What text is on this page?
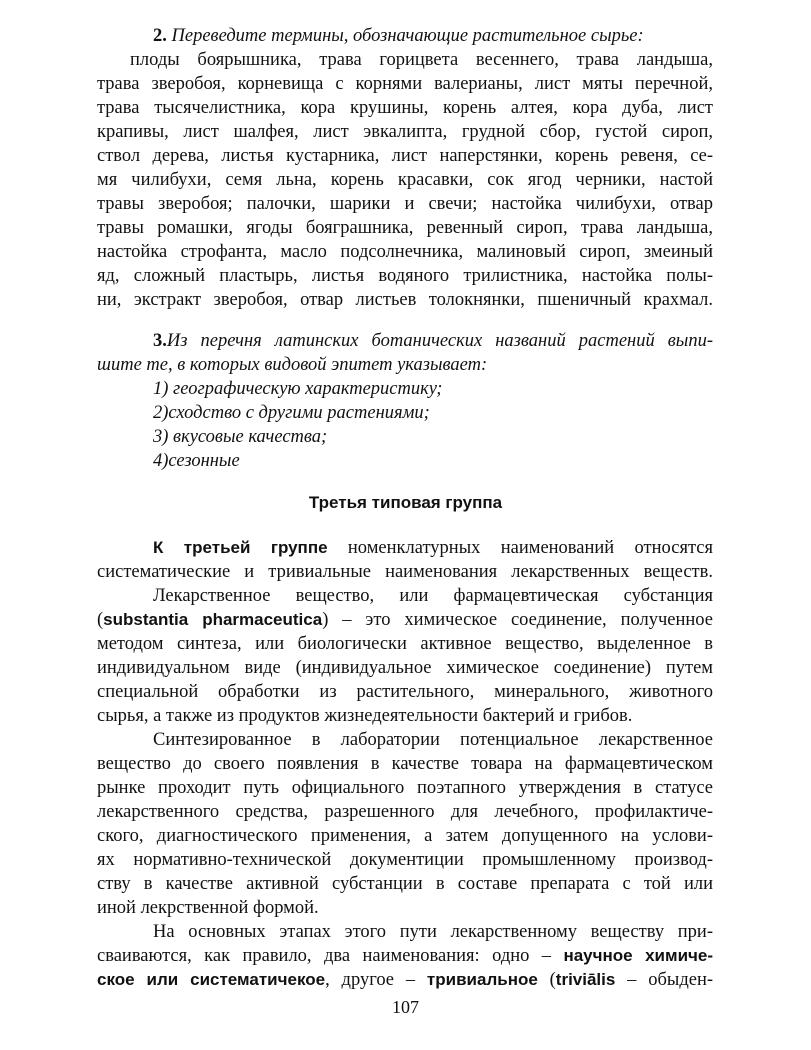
2. Переведите термины, обозначающие растительное сырье:
плоды боярышника, трава горицвета весеннего, трава ландыша,
трава зверобоя, корневища с корнями валерианы, лист мяты перечной,
трава тысячелистника, кора крушины, корень алтея, кора дуба, лист
крапивы, лист шалфея, лист эвкалипта, грудной сбор, густой сироп,
ствол дерева, листья кустарника, лист наперстянки, корень ревеня, се-
мя чилибухи, семя льна, корень красавки, сок ягод черники, настой
травы зверобоя; палочки, шарики и свечи; настойка чилибухи, отвар
травы ромашки, ягоды бояграшника, ревенный сироп, трава ландыша,
настойка строфанта, масло подсолнечника, малиновый сироп, змеиный
яд, сложный пластырь, листья водяного трилистника, настойка полы-
ни, экстракт зверобоя, отвар листьев толокнянки, пшеничный крахмал.
3.Из перечня латинских ботанических названий растений выпи-
шите те, в которых видовой эпитет указывает:
1) географическую характеристику;
2)сходство с другими растениями;
3) вкусовые качества;
4)сезонные
Третья типовая группа
К третьей группе номенклатурных наименований относятся
систематические и тривиальные наименования лекарственных веществ.
Лекарственное вещество, или фармацевтическая субстанция
(substantia pharmaceutica) – это химическое соединение, полученное
методом синтеза, или биологически активное вещество, выделенное в
индивидуальном виде (индивидуальное химическое соединение) путем
специальной обработки из растительного, минерального, животного
сырья, а также из продуктов жизнедеятельности бактерий и грибов.
Синтезированное в лаборатории потенциальное лекарственное
вещество до своего появления в качестве товара на фармацевтическом
рынке проходит путь официального поэтапного утверждения в статусе
лекарственного средства, разрешенного для лечебного, профилактиче-
ского, диагностического применения, а затем допущенного на услови-
ях нормативно-технической документиции промышленному производ-
ству в качестве активной субстанции в составе препарата с той или
иной лекрственной формой.
На основных этапах этого пути лекарственному веществу при-
сваиваются, как правило, два наименования: одно – научное химиче-
ское или систематичекое, другое – тривиальное (triviālis – обыден-
107
